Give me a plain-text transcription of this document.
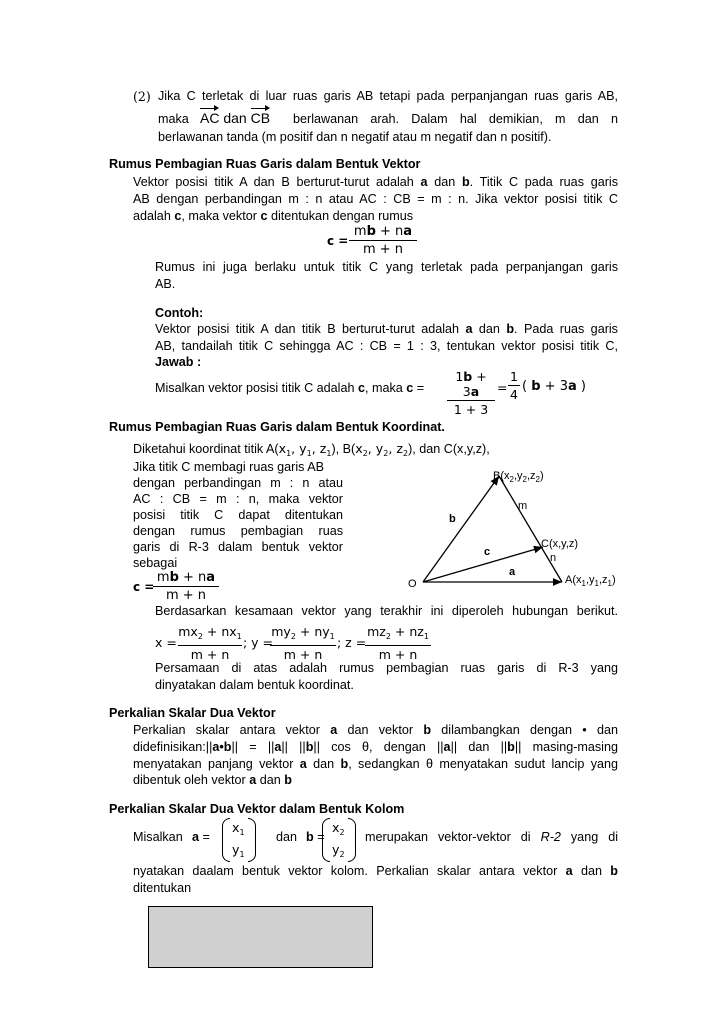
(2) Jika C terletak di luar ruas garis AB tetapi pada perpanjangan ruas garis AB,
maka AC dan CB berlawanan arah. Dalam hal demikian, m dan n
berlawanan tanda (m positif dan n negatif atau m negatif dan n positif).
Rumus Pembagian Ruas Garis dalam Bentuk Vektor
Vektor posisi titik A dan B berturut-turut adalah a dan b. Titik C pada ruas garis
AB dengan perbandingan m : n atau AC : CB = m : n. Jika vektor posisi titik C
adalah c, maka vektor c ditentukan dengan rumus
c =
mb + na
m + n
Rumus ini juga berlaku untuk titik C yang terletak pada perpanjangan garis
AB.
Contoh:
Vektor posisi titik A dan titik B berturut-turut adalah a dan b. Pada ruas garis
AB, tandailah titik C sehingga AC : CB = 1 : 3, tentukan vektor posisi titik C,
Jawab :
Misalkan vektor posisi titik C adalah c, maka c =
1b + 3a
1 + 3
=
1
4
( b + 3a )
Rumus Pembagian Ruas Garis dalam Bentuk Koordinat.
Diketahui koordinat titik $A(x_1$, $y_1$, $z_1$), $B(x_2$, $y_2$, $z_2$), dan C(x,y,z),
Jika titik C membagi ruas garis AB
dengan perbandingan m : n atau
AC : CB = m : n, maka vektor
posisi titik C dapat ditentukan
dengan rumus pembagian ruas
garis di R-3 dalam bentuk vektor
sebagai
c =
mb + na
m + n
$B(x_2,y_2,z_2)$
C(x,y,z)
$A(x_1,y_1,z_1)$
O
b
c
a
m
n
Berdasarkan kesamaan vektor yang terakhir ini diperoleh hubungan berikut.
x =
$mx_2 + nx_1$
m + n
; y =
$my_2 + ny_1$
m + n
; z =
$mz_2 + nz_1$
m + n
Persamaan di atas adalah rumus pembagian ruas garis di R-3 yang
dinyatakan dalam bentuk koordinat.
Perkalian Skalar Dua Vektor
Perkalian skalar antara vektor a dan vektor b dilambangkan dengan • dan
didefinisikan:||a•b|| = ||a|| ||b|| cos θ, dengan ||a|| dan ||b|| masing-masing
menyatakan panjang vektor a dan b, sedangkan θ menyatakan sudut lancip yang
dibentuk oleh vektor a dan b
Perkalian Skalar Dua Vektor dalam Bentuk Kolom
Misalkan a =
$x_1$
$y_1$
dan b =
$x_2$
$y_2$
merupakan vektor-vektor di R-2 yang di
nyatakan daalam bentuk vektor kolom. Perkalian skalar antara vektor a dan b
ditentukan
